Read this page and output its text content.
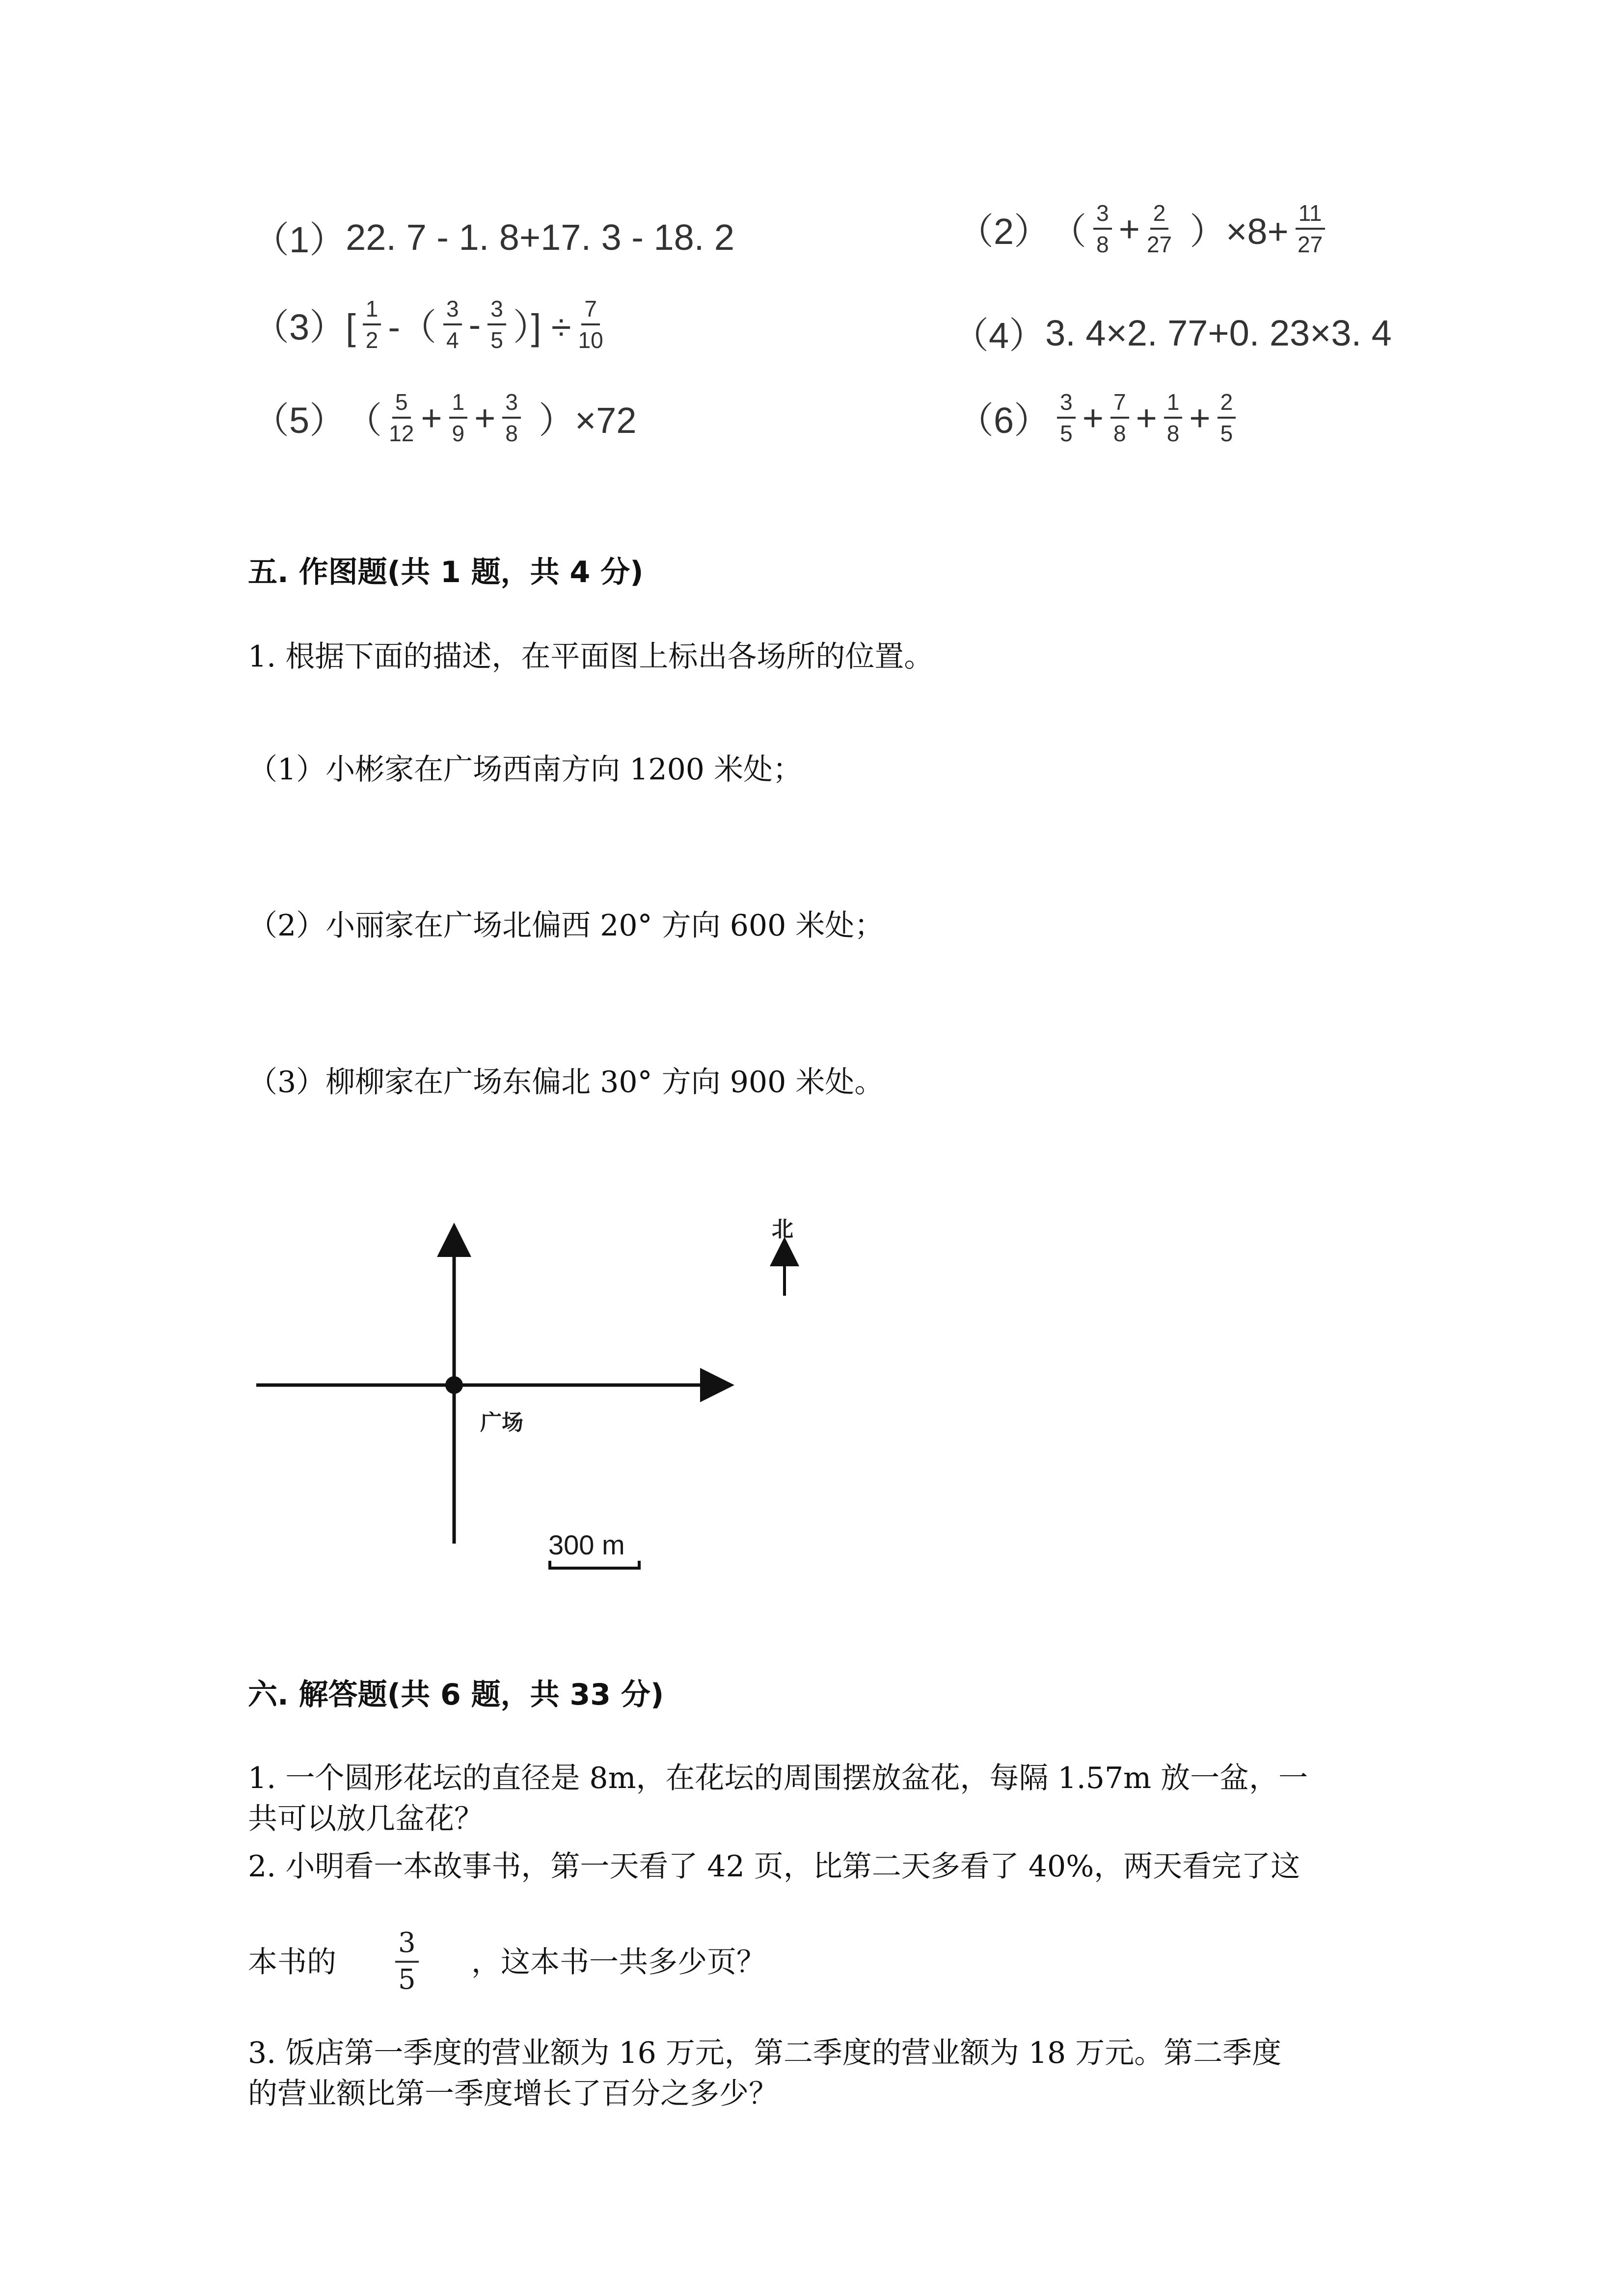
（1） 22. 7 - 1. 8+17. 3 - 18. 2	（2） （ $\frac{3}{8} + \frac{2}{27} )\times 8+ \frac{11}{27}$
$(3)[ \frac{1}{2}$ -（ $\frac{3}{4} - \frac{3}{5}$ ）] ÷ $\frac{7}{10}$	（4） 3. 4×2. 77+0. 23×3. 4
（5） （ $\frac{5}{12} + \frac{1}{9} + \frac{3}{8} )\times 72$	$(6) \frac{3}{5} + \frac{7}{8} + \frac{1}{8} + \frac{2}{5}$
五. 作图题(共 1 题，共 4 分)
1. 根据下面的描述，在平面图上标出各场所的位置。
（1）小彬家在广场西南方向 1200 米处；
（2）小丽家在广场北偏西 20° 方向 600 米处；
（3）柳柳家在广场东偏北 30° 方向 900 米处。
北
广场
300 m
六. 解答题(共 6 题，共 33 分)
1. 一个圆形花坛的直径是 8m，在花坛的周围摆放盆花，每隔 1.57m 放一盆，一
共可以放几盆花？
2. 小明看一本故事书，第一天看了 42 页，比第二天多看了 40%，两天看完了这
本书的
3
5
，这本书一共多少页？
3. 饭店第一季度的营业额为 16 万元，第二季度的营业额为 18 万元。第二季度
的营业额比第一季度增长了百分之多少？
